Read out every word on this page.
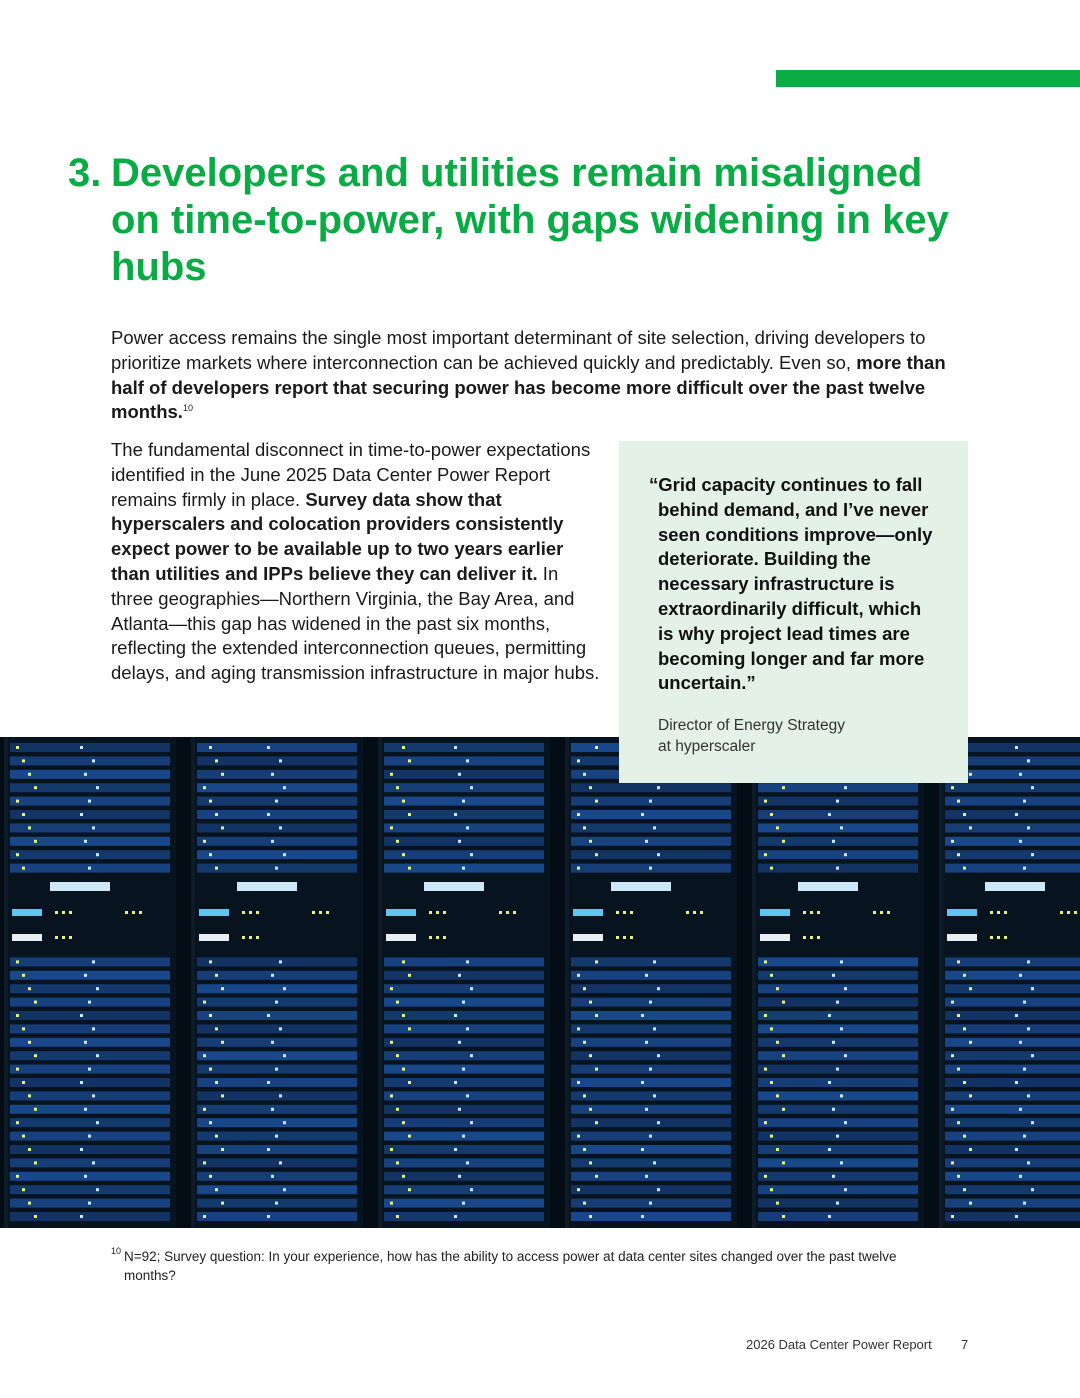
3. Developers and utilities remain misaligned on time-to-power, with gaps widening in key hubs

Power access remains the single most important determinant of site selection, driving developers to prioritize markets where interconnection can be achieved quickly and predictably. Even so, more than half of developers report that securing power has become more difficult over the past twelve months.$^{10}$

The fundamental disconnect in time-to-power expectations identified in the June 2025 Data Center Power Report remains firmly in place. Survey data show that hyperscalers and colocation providers consistently expect power to be available up to two years earlier than utilities and IPPs believe they can deliver it. In three geographies—Northern Virginia, the Bay Area, and Atlanta—this gap has widened in the past six months, reflecting the extended interconnection queues, permitting delays, and aging transmission infrastructure in major hubs.

“Grid capacity continues to fall behind demand, and I’ve never seen conditions improve—only deteriorate. Building the necessary infrastructure is extraordinarily difficult, which is why project lead times are becoming longer and far more uncertain.”
Director of Energy Strategy
at hyperscaler
10 N=92; Survey question: In your experience, how has the ability to access power at data center sites changed over the past twelve months?
2026 Data Center Power Report 7
